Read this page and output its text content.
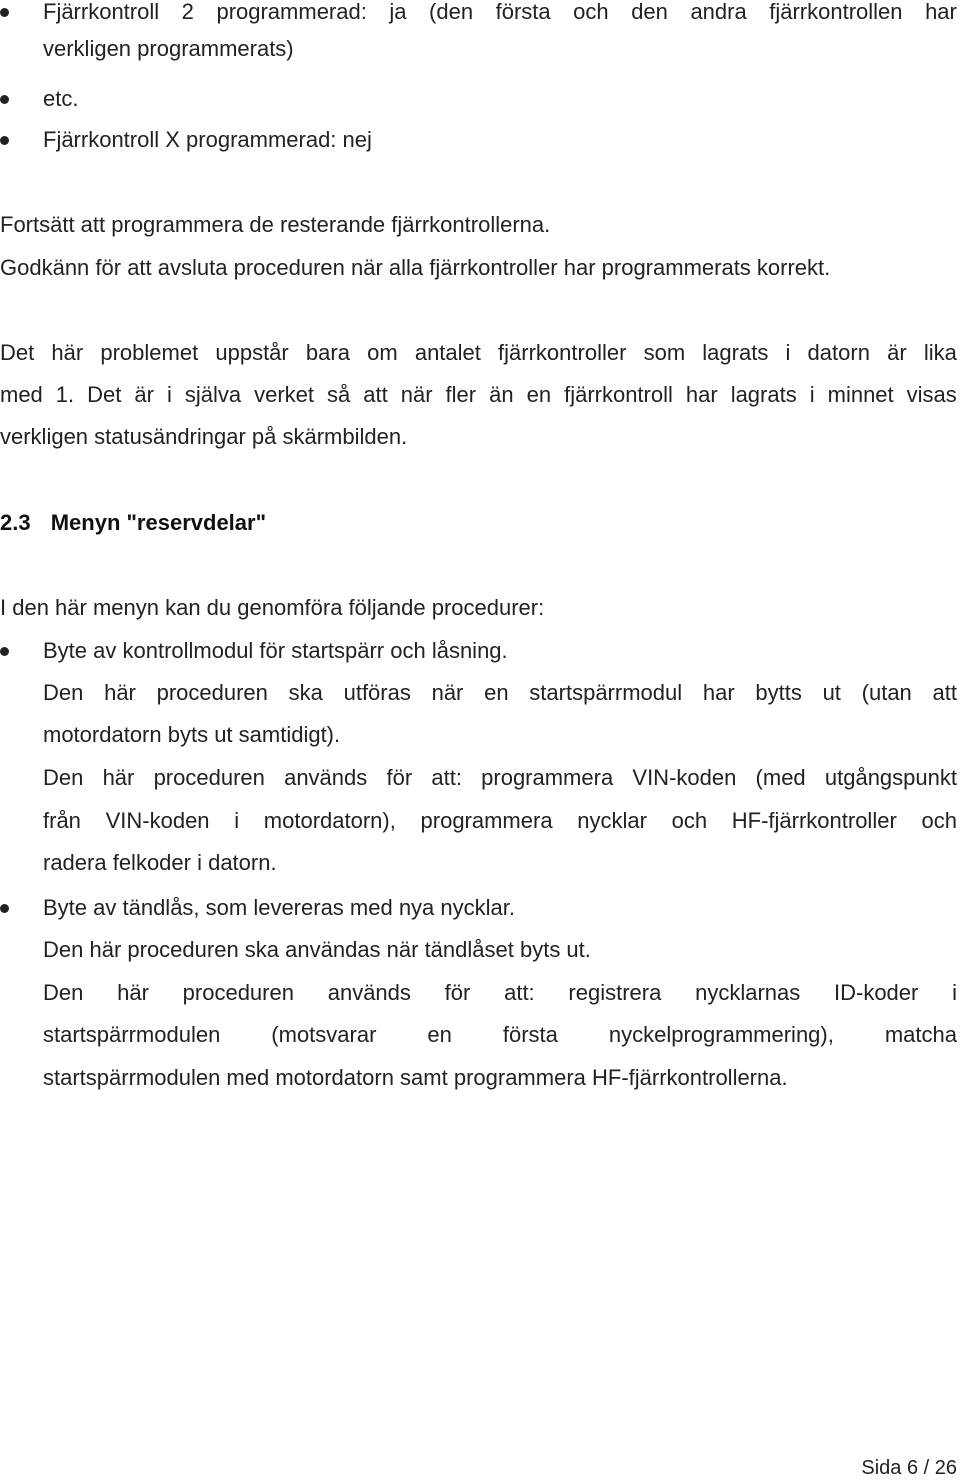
Fjärrkontroll 2 programmerad: ja (den första och den andra fjärrkontrollen har
verkligen programmerats)
etc.
Fjärrkontroll X programmerad: nej
Fortsätt att programmera de resterande fjärrkontrollerna.
Godkänn för att avsluta proceduren när alla fjärrkontroller har programmerats korrekt.
Det här problemet uppstår bara om antalet fjärrkontroller som lagrats i datorn är lika
med 1. Det är i själva verket så att när fler än en fjärrkontroll har lagrats i minnet visas
verkligen statusändringar på skärmbilden.
2.3 Menyn "reservdelar"
I den här menyn kan du genomföra följande procedurer:
Byte av kontrollmodul för startspärr och låsning.
Den här proceduren ska utföras när en startspärrmodul har bytts ut (utan att
motordatorn byts ut samtidigt).
Den här proceduren används för att: programmera VIN-koden (med utgångspunkt
från VIN-koden i motordatorn), programmera nycklar och HF-fjärrkontroller och
radera felkoder i datorn.
Byte av tändlås, som levereras med nya nycklar.
Den här proceduren ska användas när tändlåset byts ut.
Den här proceduren används för att: registrera nycklarnas ID-koder i
startspärrmodulen (motsvarar en första nyckelprogrammering), matcha
startspärrmodulen med motordatorn samt programmera HF-fjärrkontrollerna.
Sida 6 / 26
